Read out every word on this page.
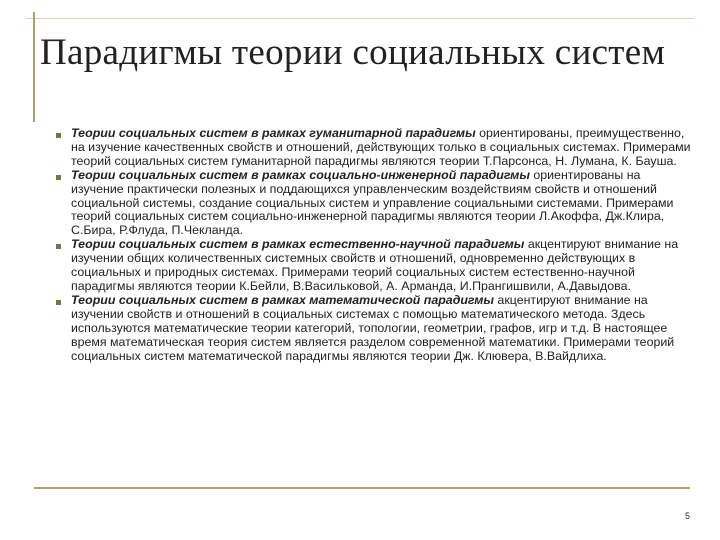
Парадигмы теории социальных систем
Теории социальных систем в рамках гуманитарной парадигмы ориентированы, преимущественно, на изучение качественных свойств и отношений, действующих только в социальных системах. Примерами теорий социальных систем гуманитарной парадигмы являются теории Т.Парсонса, Н. Лумана, К. Бауша.
Теории социальных систем в рамках социально-инженерной парадигмы ориентированы на изучение практически полезных и поддающихся управленческим воздействиям свойств и отношений социальной системы, создание социальных систем и управление социальными системами. Примерами теорий социальных систем социально-инженерной парадигмы являются теории Л.Акоффа, Дж.Клира, С.Бира, Р.Флуда, П.Чекланда.
Теории социальных систем в рамках естественно-научной парадигмы акцентируют внимание на изучении общих количественных системных свойств и отношений, одновременно действующих в социальных и природных системах. Примерами теорий социальных систем естественно-научной парадигмы являются теории К.Бейли, В.Васильковой, А. Арманда, И.Прангишвили, А.Давыдова.
Теории социальных систем в рамках математической парадигмы акцентируют внимание на изучении свойств и отношений в социальных системах с помощью математического метода. Здесь используются математические теории категорий, топологии, геометрии, графов, игр и т.д. В настоящее время математическая теория систем является разделом современной математики. Примерами теорий социальных систем математической парадигмы являются теории Дж. Клювера, В.Вайдлиха.
5
